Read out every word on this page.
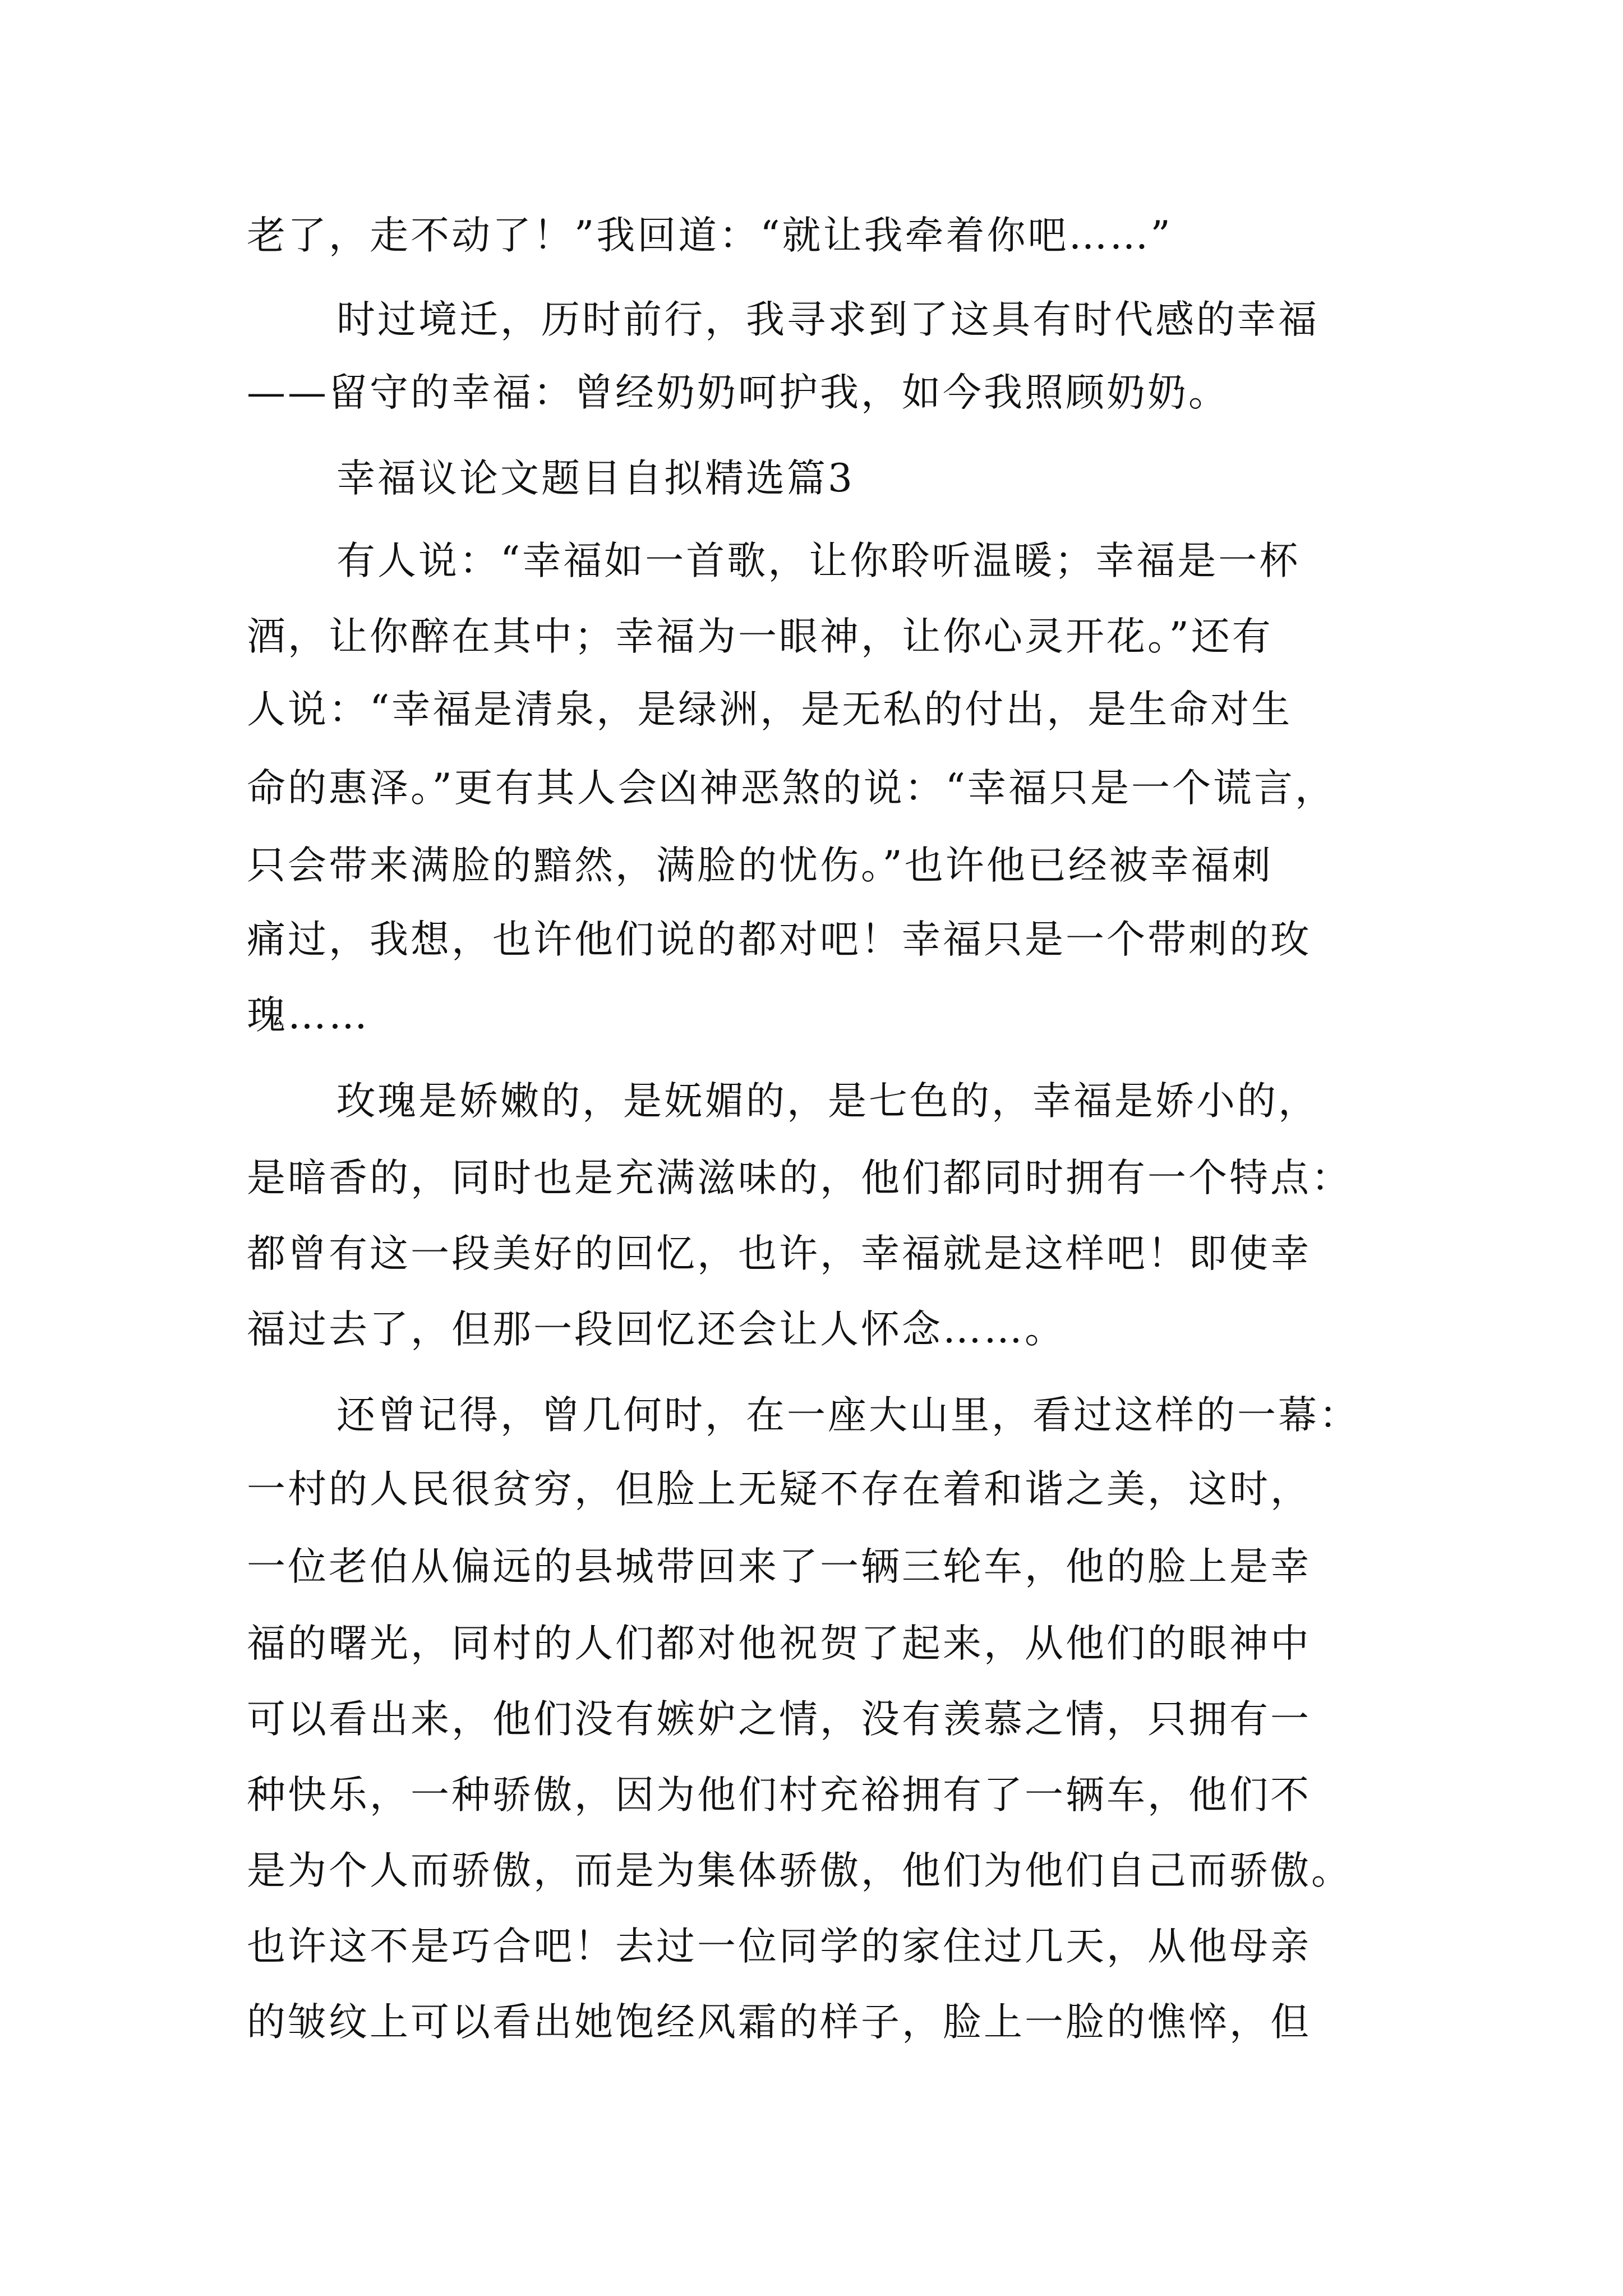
老了，走不动了！”我回道：“就让我牵着你吧……”
时过境迁，历时前行，我寻求到了这具有时代感的幸福
——留守的幸福：曾经奶奶呵护我，如今我照顾奶奶。
幸福议论文题目自拟精选篇3
有人说：“幸福如一首歌，让你聆听温暖；幸福是一杯
酒，让你醉在其中；幸福为一眼神，让你心灵开花。”还有
人说：“幸福是清泉，是绿洲，是无私的付出，是生命对生
命的惠泽。”更有其人会凶神恶煞的说：“幸福只是一个谎言，
只会带来满脸的黯然，满脸的忧伤。”也许他已经被幸福刺
痛过，我想，也许他们说的都对吧！幸福只是一个带刺的玫
瑰……
玫瑰是娇嫩的，是妩媚的，是七色的，幸福是娇小的，
是暗香的，同时也是充满滋味的，他们都同时拥有一个特点：
都曾有这一段美好的回忆，也许，幸福就是这样吧！即使幸
福过去了，但那一段回忆还会让人怀念……。
还曾记得，曾几何时，在一座大山里，看过这样的一幕：
一村的人民很贫穷，但脸上无疑不存在着和谐之美，这时，
一位老伯从偏远的县城带回来了一辆三轮车，他的脸上是幸
福的曙光，同村的人们都对他祝贺了起来，从他们的眼神中
可以看出来，他们没有嫉妒之情，没有羡慕之情，只拥有一
种快乐，一种骄傲，因为他们村充裕拥有了一辆车，他们不
是为个人而骄傲，而是为集体骄傲，他们为他们自己而骄傲。
也许这不是巧合吧！去过一位同学的家住过几天，从他母亲
的皱纹上可以看出她饱经风霜的样子，脸上一脸的憔悴，但
